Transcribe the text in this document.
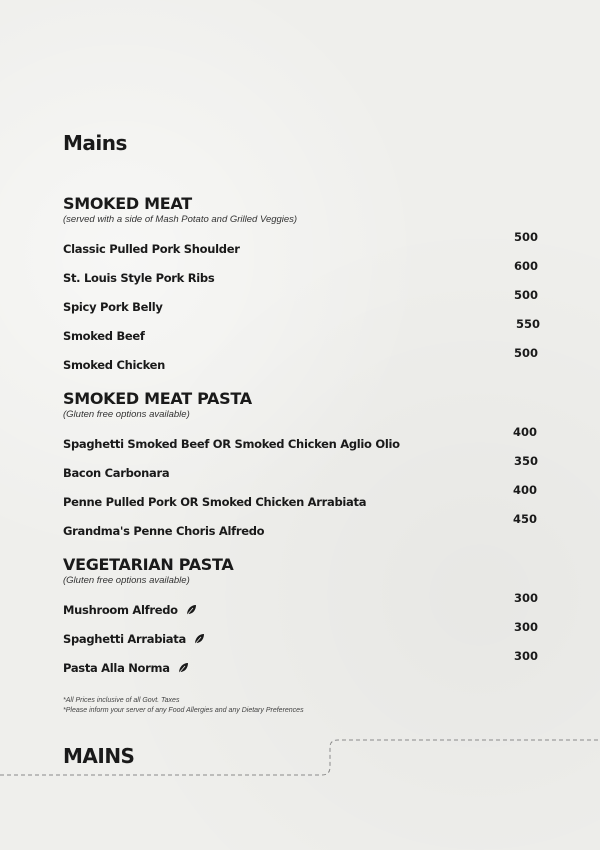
Mains
SMOKED MEAT

(served with a side of Mash Potato and Grilled Veggies)

Classic Pulled Pork Shoulder
500
St. Louis Style Pork Ribs
600
Spicy Pork Belly
500
Smoked Beef
550
Smoked Chicken
500
SMOKED MEAT PASTA

(Gluten free options available)

Spaghetti Smoked Beef OR Smoked Chicken Aglio Olio
400
Bacon Carbonara
350
Penne Pulled Pork OR Smoked Chicken Arrabiata
400
Grandma's Penne Choris Alfredo
450
VEGETARIAN PASTA

(Gluten free options available)

Mushroom Alfredo
300
Spaghetti Arrabiata
300
Pasta Alla Norma
300
*All Prices inclusive of all Govt. Taxes
*Please inform your server of any Food Allergies and any Dietary Preferences
MAINS
